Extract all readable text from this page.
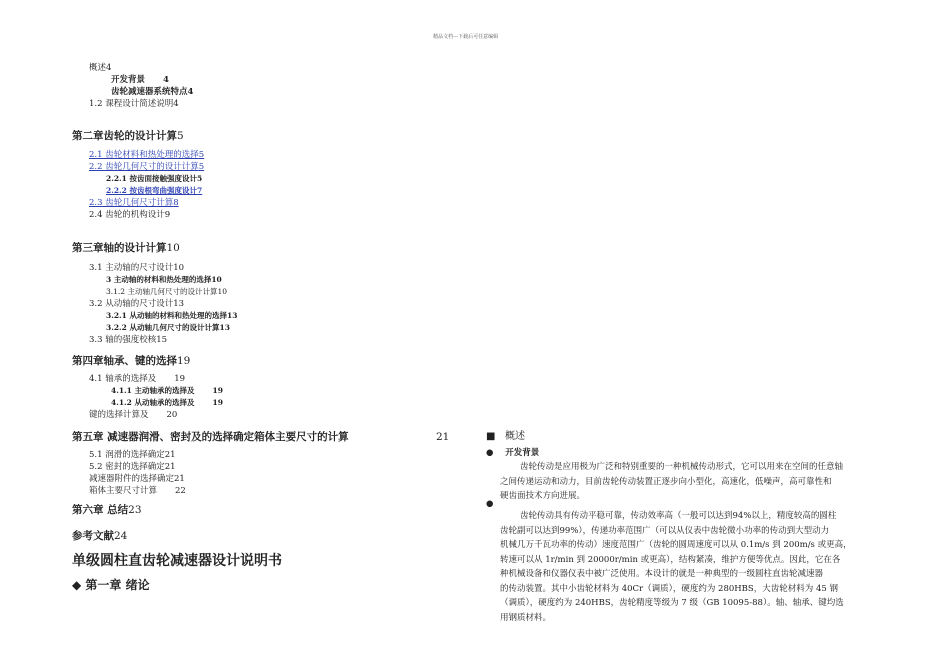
精品文档---下载后可任意编辑
概述4
开发背景 4
齿轮减速器系统特点4
1.2 课程设计简述说明4
第二章齿轮的设计计算5
2.1 齿轮材料和热处理的选择5
2.2 齿轮几何尺寸的设计计算5
2.2.1 按齿面接触强度设计5
2.2.2 按齿根弯曲强度设计7
2.3 齿轮几何尺寸计算8
2.4 齿轮的机构设计9
第三章轴的设计计算10
3.1 主动轴的尺寸设计10
3 主动轴的材料和热处理的选择10
3.1.2 主动轴几何尺寸的设计计算10
3.2 从动轴的尺寸设计13
3.2.1 从动轴的材料和热处理的选择13
3.2.2 从动轴几何尺寸的设计计算13
3.3 轴的强度校核15
第四章轴承、键的选择19
4.1 轴承的选择及 19
4.1.1 主动轴承的选择及 19
4.1.2 从动轴承的选择及 19
键的选择计算及 20
第五章 减速器润滑、密封及的选择确定箱体主要尺寸的计算	21
5.1 润滑的选择确定21
5.2 密封的选择确定21
减速器附件的选择确定21
箱体主要尺寸计算 22
第六章 总结23
参考文献24
单级圆柱直齿轮减速器设计说明书
◆ 第一章 绪论
■ 概述
● 开发背景
齿轮传动是应用极为广泛和特别重要的一种机械传动形式，它可以用来在空间的任意轴
之间传递运动和动力，目前齿轮传动装置正逐步向小型化，高速化，低噪声，高可靠性和
硬齿面技术方向进展。
●
齿轮传动具有传动平稳可靠，传动效率高（一般可以达到94%以上，精度较高的圆柱
齿轮副可以达到99%），传递功率范围广（可以从仪表中齿轮微小功率的传动到大型动力
机械几万千瓦功率的传动）速度范围广（齿轮的圆周速度可以从 0.1m/s 到 200m/s 或更高，
转速可以从 1r/min 到 20000r/min 或更高），结构紧凑，维护方便等优点。因此，它在各
种机械设备和仪器仪表中被广泛使用。本设计的就是一种典型的一级圆柱直齿轮减速器
的传动装置。其中小齿轮材料为 40Cr（调质），硬度约为 280HBS，大齿轮材料为 45 钢
（调质），硬度约为 240HBS，齿轮精度等级为 7 级（GB 10095-88）。轴、轴承、键均选
用钢质材料。
